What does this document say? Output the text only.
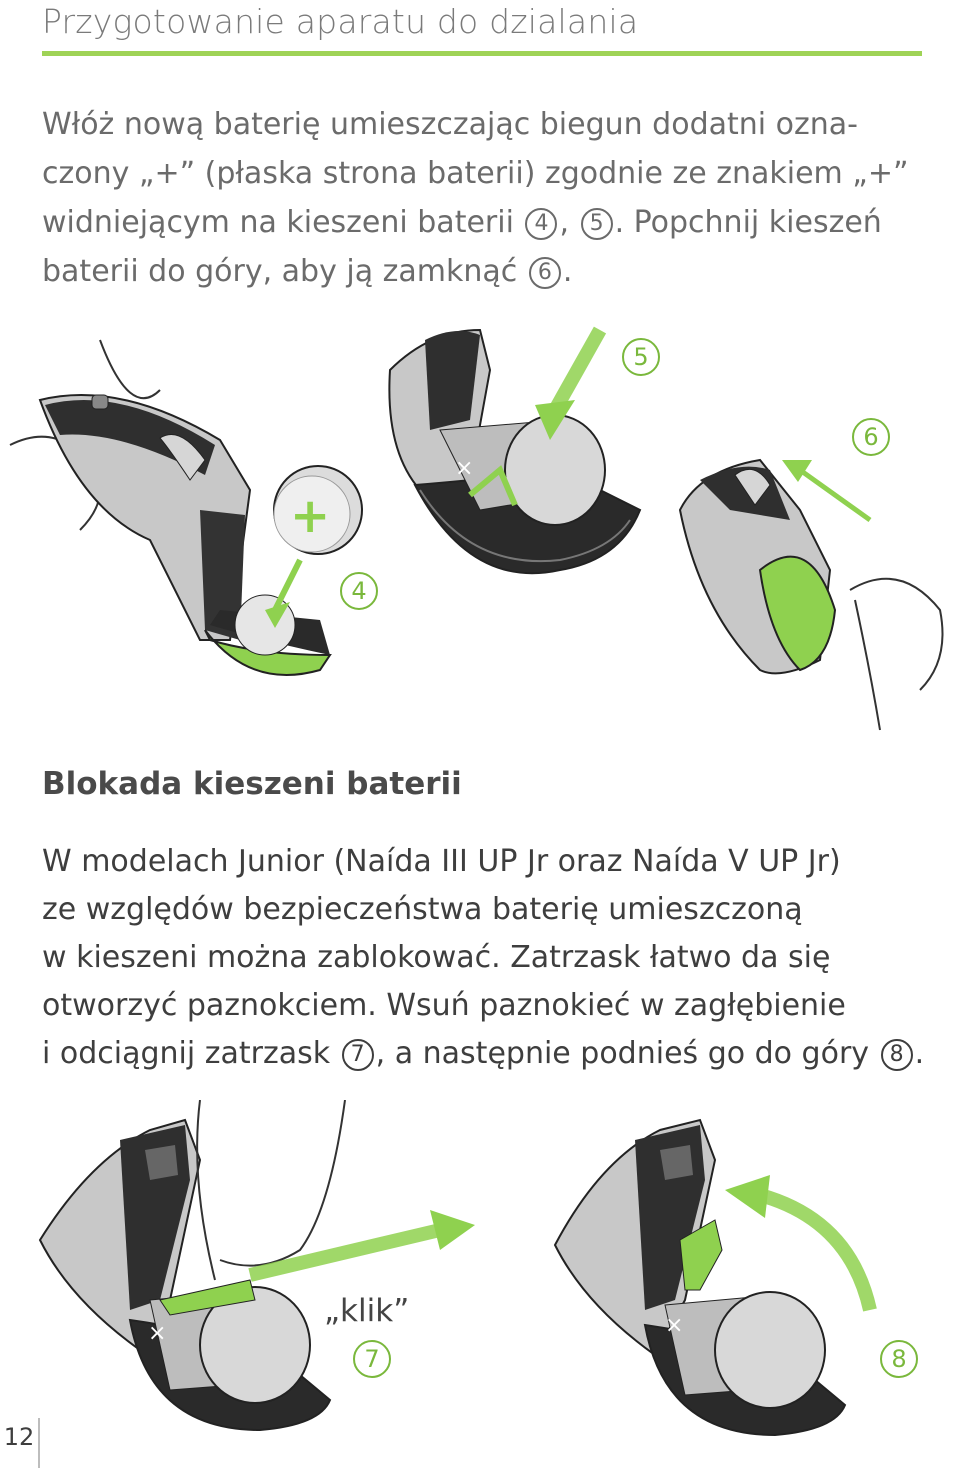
Przygotowanie aparatu do dzialania
Włóż nową baterię umieszczając biegun dodatni ozna-
czony „+” (płaska strona baterii) zgodnie ze znakiem „+”
widniejącym na kieszeni baterii 4 , 5 . Popchnij kieszeń
baterii do góry, aby ją zamknąć 6 .
+
×
4
5
6
Blokada kieszeni baterii
W modelach Junior (Naída III UP Jr oraz Naída V UP Jr)
ze względów bezpieczeństwa baterię umieszczoną
w kieszeni można zablokować. Zatrzask łatwo da się
otworzyć paznokciem. Wsuń paznokieć w zagłębienie
i odciągnij zatrzask 7 , a następnie podnieś go do góry 8 .
×	×
„klik”
7	8
12
